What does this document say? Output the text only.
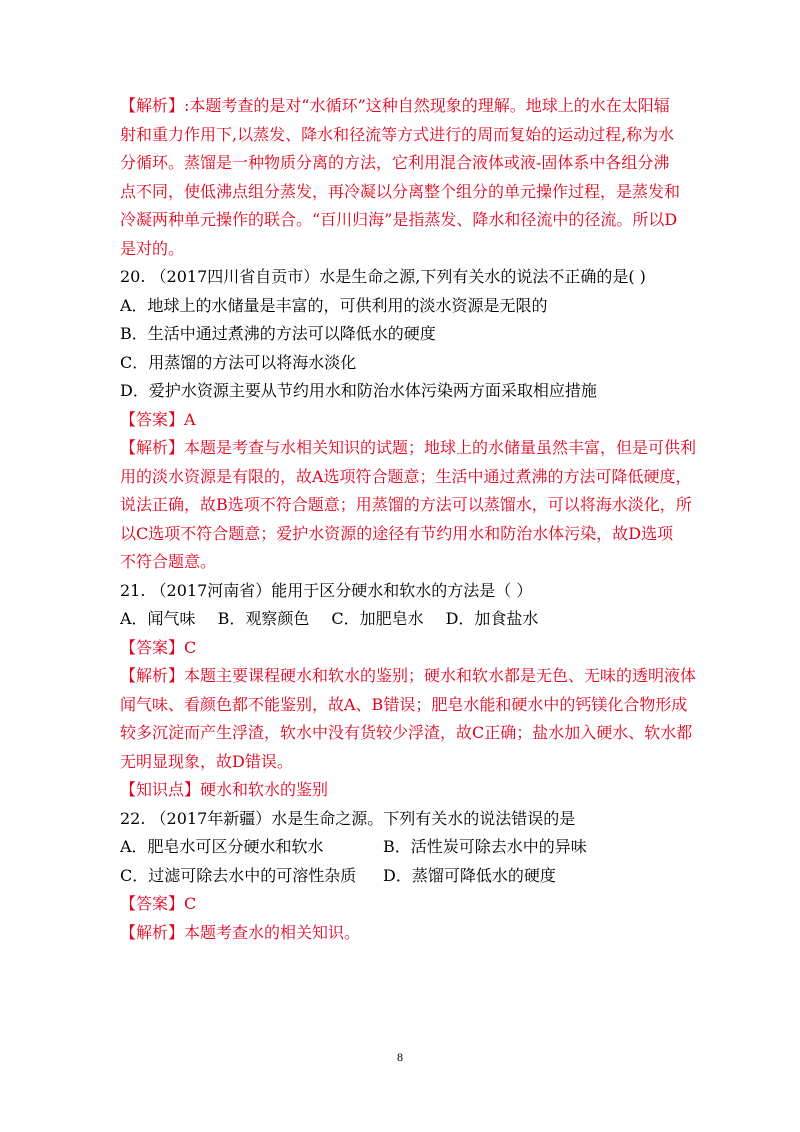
【解析】:本题考查的是对“水循环”这种自然现象的理解。地球上的水在太阳辐
射和重力作用下,以蒸发、降水和径流等方式进行的周而复始的运动过程,称为水
分循环。蒸馏是一种物质分离的方法，它利用混合液体或液-固体系中各组分沸
点不同，使低沸点组分蒸发，再冷凝以分离整个组分的单元操作过程，是蒸发和
冷凝两种单元操作的联合。“百川归海”是指蒸发、降水和径流中的径流。所以D
是对的。
20. （2017四川省自贡市）水是生命之源,下列有关水的说法不正确的是( )
A．地球上的水储量是丰富的，可供利用的淡水资源是无限的
B．生活中通过煮沸的方法可以降低水的硬度
C．用蒸馏的方法可以将海水淡化
D．爱护水资源主要从节约用水和防治水体污染两方面采取相应措施
【答案】A
【解析】本题是考查与水相关知识的试题；地球上的水储量虽然丰富，但是可供利
用的淡水资源是有限的，故A选项符合题意；生活中通过煮沸的方法可降低硬度，
说法正确，故B选项不符合题意；用蒸馏的方法可以蒸馏水，可以将海水淡化，所
以C选项不符合题意；爱护水资源的途径有节约用水和防治水体污染，故D选项
不符合题意。
21. （2017河南省）能用于区分硬水和软水的方法是（ ）
A．闻气味 B．观察颜色 C．加肥皂水 D．加食盐水
【答案】C
【解析】本题主要课程硬水和软水的鉴别；硬水和软水都是无色、无味的透明液体
闻气味、看颜色都不能鉴别，故A、B错误；肥皂水能和硬水中的钙镁化合物形成
较多沉淀而产生浮渣，软水中没有货较少浮渣，故C正确；盐水加入硬水、软水都
无明显现象，故D错误。
【知识点】硬水和软水的鉴别
22. （2017年新疆）水是生命之源。下列有关水的说法错误的是
A．肥皂水可区分硬水和软水	B．活性炭可除去水中的异味
C．过滤可除去水中的可溶性杂质	D．蒸馏可降低水的硬度
【答案】C
【解析】本题考查水的相关知识。
8
